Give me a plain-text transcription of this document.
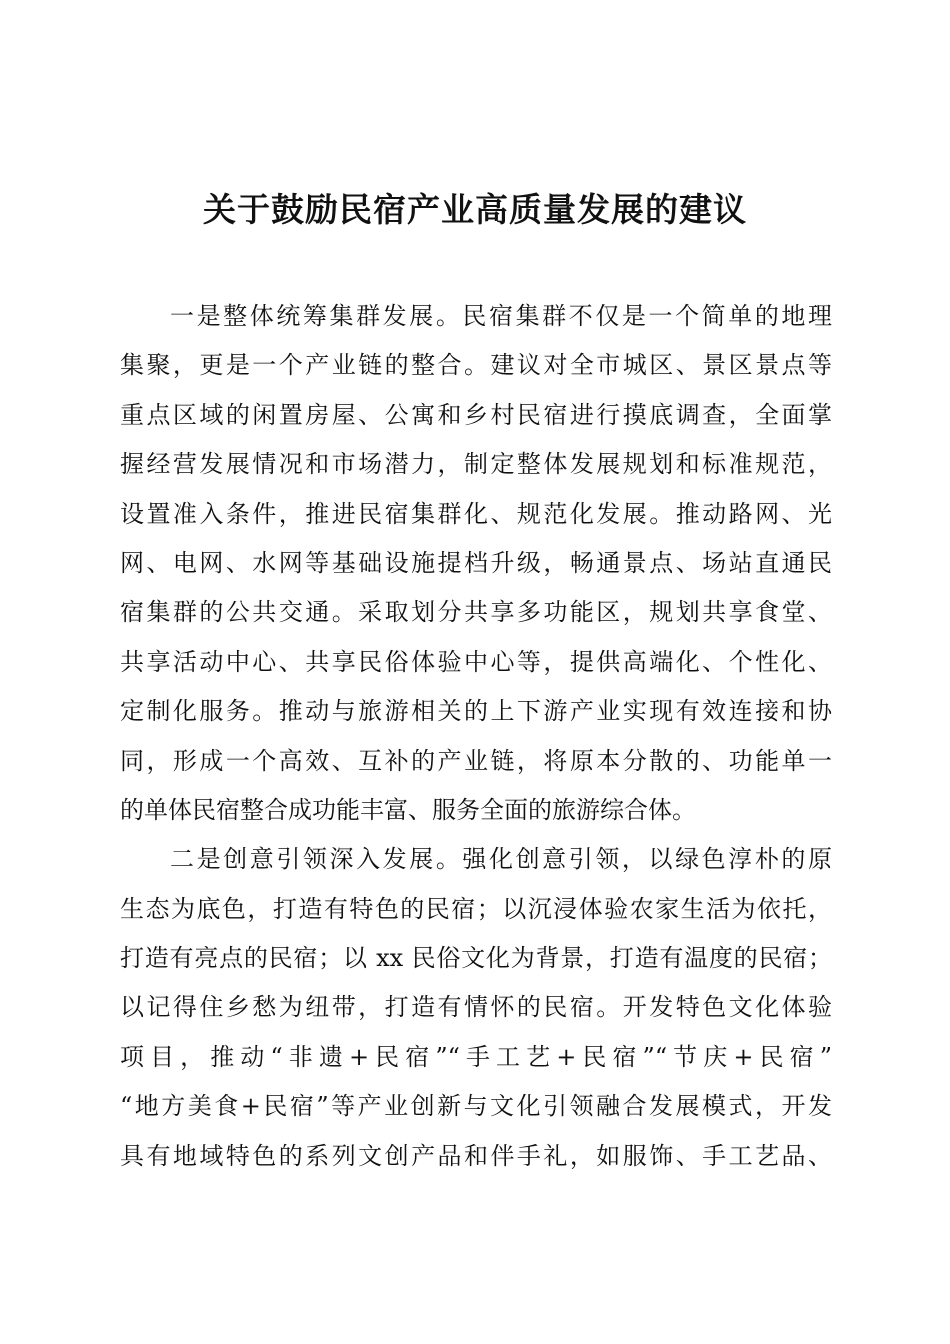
关于鼓励民宿产业高质量发展的建议
一是整体统筹集群发展。民宿集群不仅是一个简单的地理
集聚，更是一个产业链的整合。建议对全市城区、景区景点等
重点区域的闲置房屋、公寓和乡村民宿进行摸底调查，全面掌
握经营发展情况和市场潜力，制定整体发展规划和标准规范，
设置准入条件，推进民宿集群化、规范化发展。推动路网、光
网、电网、水网等基础设施提档升级，畅通景点、场站直通民
宿集群的公共交通。采取划分共享多功能区，规划共享食堂、
共享活动中心、共享民俗体验中心等，提供高端化、个性化、
定制化服务。推动与旅游相关的上下游产业实现有效连接和协
同，形成一个高效、互补的产业链，将原本分散的、功能单一
的单体民宿整合成功能丰富、服务全面的旅游综合体。
二是创意引领深入发展。强化创意引领，以绿色淳朴的原
生态为底色，打造有特色的民宿；以沉浸体验农家生活为依托，
打造有亮点的民宿；以 xx 民俗文化为背景，打造有温度的民宿；
以记得住乡愁为纽带，打造有情怀的民宿。开发特色文化体验
项目，推动“非遗+民宿”“手工艺+民宿”“节庆+民宿”
“地方美食+民宿”等产业创新与文化引领融合发展模式，开发
具有地域特色的系列文创产品和伴手礼，如服饰、手工艺品、
